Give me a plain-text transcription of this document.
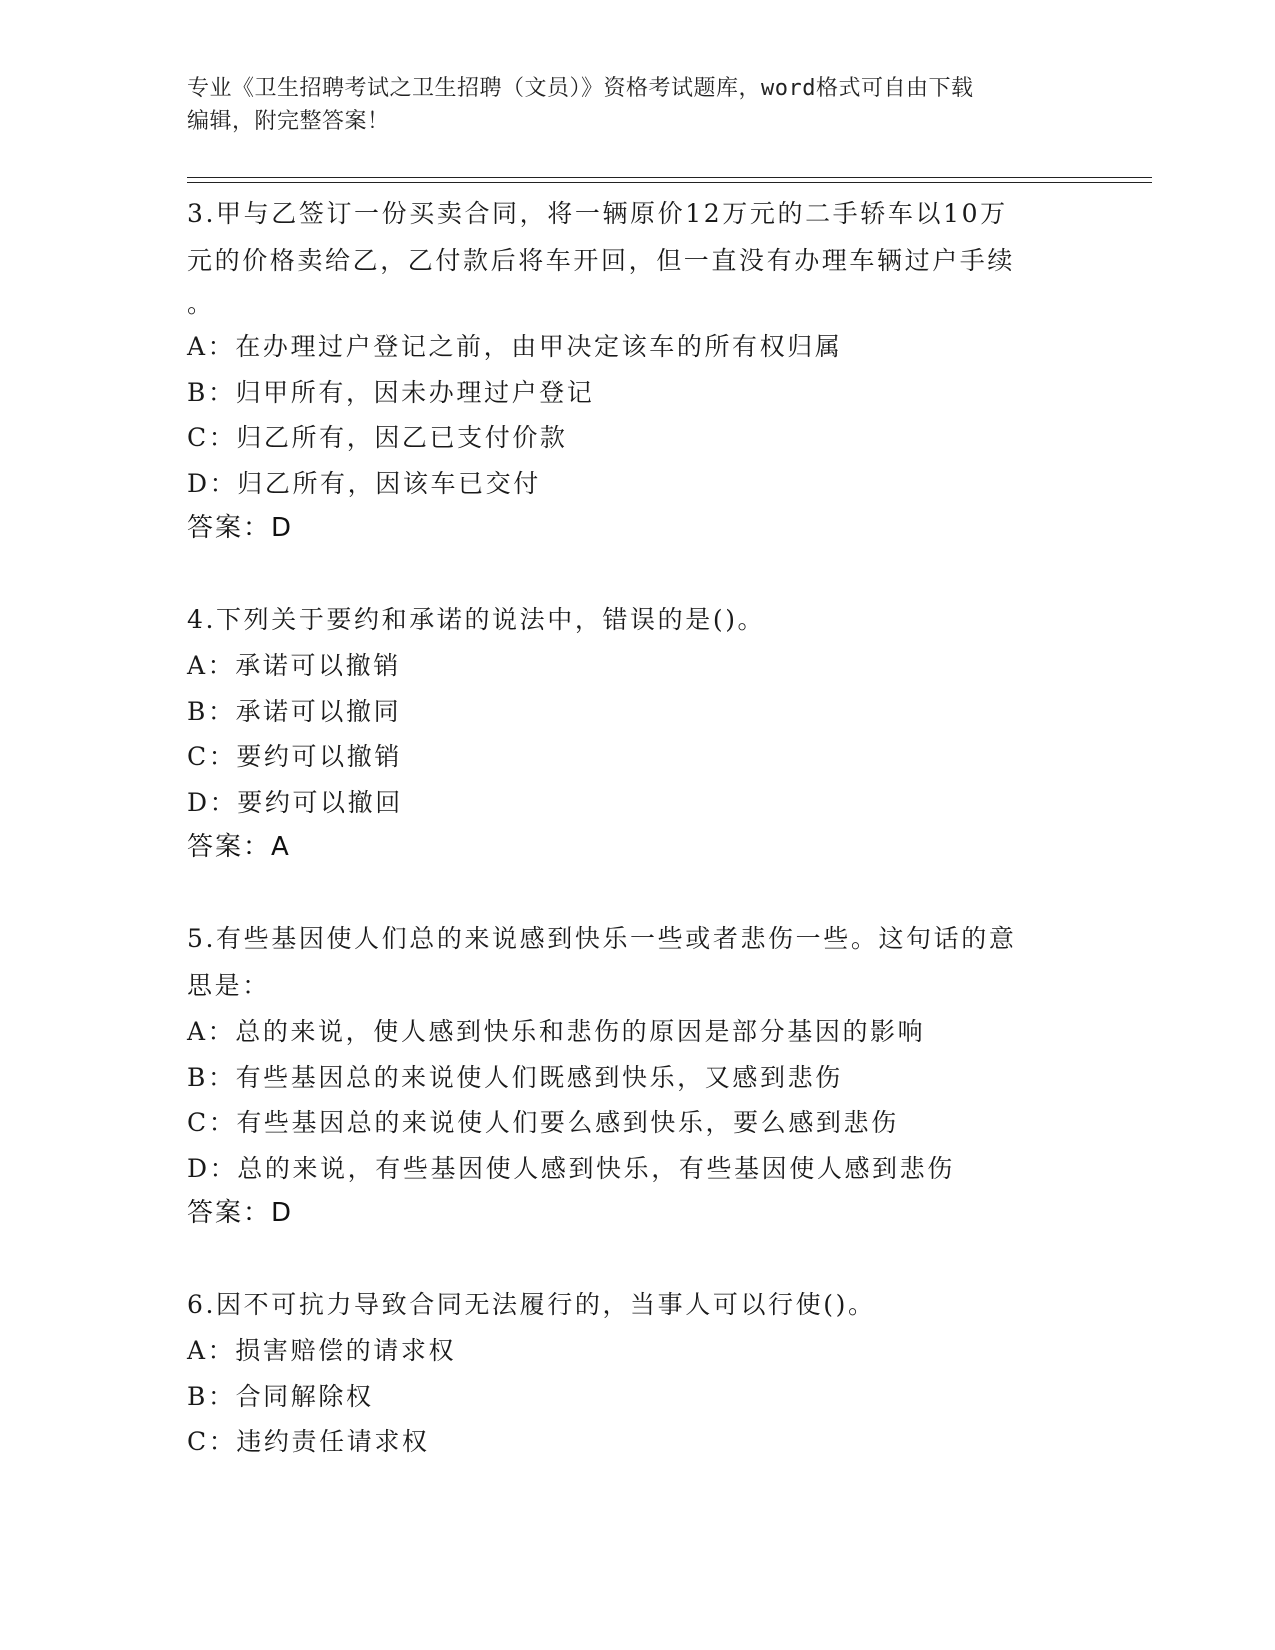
专业《卫生招聘考试之卫生招聘（文员）》资格考试题库，word格式可自由下载
编辑，附完整答案！

3.甲与乙签订一份买卖合同，将一辆原价12万元的二手轿车以10万

元的价格卖给乙，乙付款后将车开回，但一直没有办理车辆过户手续

。

A：在办理过户登记之前，由甲决定该车的所有权归属

B：归甲所有，因未办理过户登记

C：归乙所有，因乙已支付价款

D：归乙所有，因该车已交付

答案：D

4.下列关于要约和承诺的说法中，错误的是()。

A：承诺可以撤销

B：承诺可以撤同

C：要约可以撤销

D：要约可以撤回

答案：A

5.有些基因使人们总的来说感到快乐一些或者悲伤一些。这句话的意

思是：

A：总的来说，使人感到快乐和悲伤的原因是部分基因的影响

B：有些基因总的来说使人们既感到快乐，又感到悲伤

C：有些基因总的来说使人们要么感到快乐，要么感到悲伤

D：总的来说，有些基因使人感到快乐，有些基因使人感到悲伤

答案：D

6.因不可抗力导致合同无法履行的，当事人可以行使()。

A：损害赔偿的请求权

B：合同解除权

C：违约责任请求权
